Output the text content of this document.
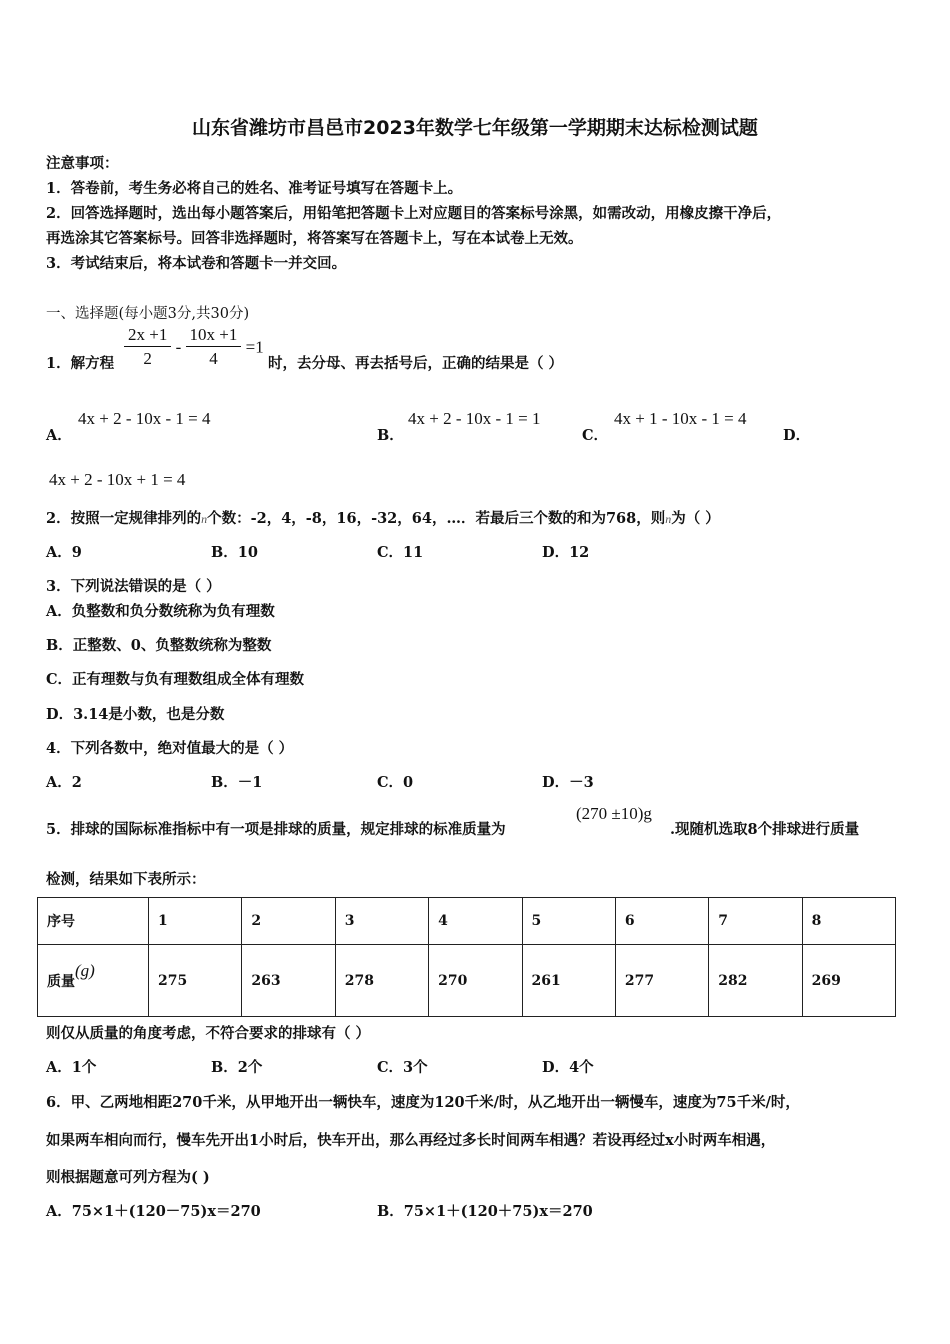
山东省潍坊市昌邑市2023年数学七年级第一学期期末达标检测试题
注意事项：
1．答卷前，考生务必将自己的姓名、准考证号填写在答题卡上。
2．回答选择题时，选出每小题答案后，用铅笔把答题卡上对应题目的答案标号涂黑，如需改动，用橡皮擦干净后，
再选涂其它答案标号。回答非选择题时，将答案写在答题卡上，写在本试卷上无效。
3．考试结束后，将本试卷和答题卡一并交回。
一、选择题(每小题3分,共30分)
1．解方程 $\frac{2x +1}{2} - \frac{10x +1}{4} =1$
时，去分母、再去括号后，正确的结果是（ ）
A．
4x + 2 - 10x - 1 = 4
B．
4x + 2 - 10x - 1 = 1
C．
4x + 1 - 10x - 1 = 4
D．
4x + 2 - 10x + 1 = 4
2．按照一定规律排列的n个数：-2，4，-8，16，-32，64，…．若最后三个数的和为768，则n为（ ）
A．9	B．10	C．11	D．12
3．下列说法错误的是（ ）
A．负整数和负分数统称为负有理数
B．正整数、0、负整数统称为整数
C．正有理数与负有理数组成全体有理数
D．3.14是小数，也是分数
4．下列各数中，绝对值最大的是（ ）
A．2	B．－1	C．0	D．－3
5．排球的国际标准指标中有一项是排球的质量，规定排球的标准质量为
(270 ±10)g
.现随机选取8个排球进行质量
检测，结果如下表所示：
序号	1	2	3	4	5	6	7	8
质量(g)	275	263	278	270	261	277	282	269
则仅从质量的角度考虑，不符合要求的排球有（ ）
A．1个	B．2个	C．3个	D．4个
6．甲、乙两地相距270千米，从甲地开出一辆快车，速度为120千米/时，从乙地开出一辆慢车，速度为75千米/时，
如果两车相向而行，慢车先开出1小时后，快车开出，那么再经过多长时间两车相遇？若设再经过x小时两车相遇，
则根据题意可列方程为( )
A．75×1＋(120－75)x＝270	B．75×1＋(120＋75)x＝270
